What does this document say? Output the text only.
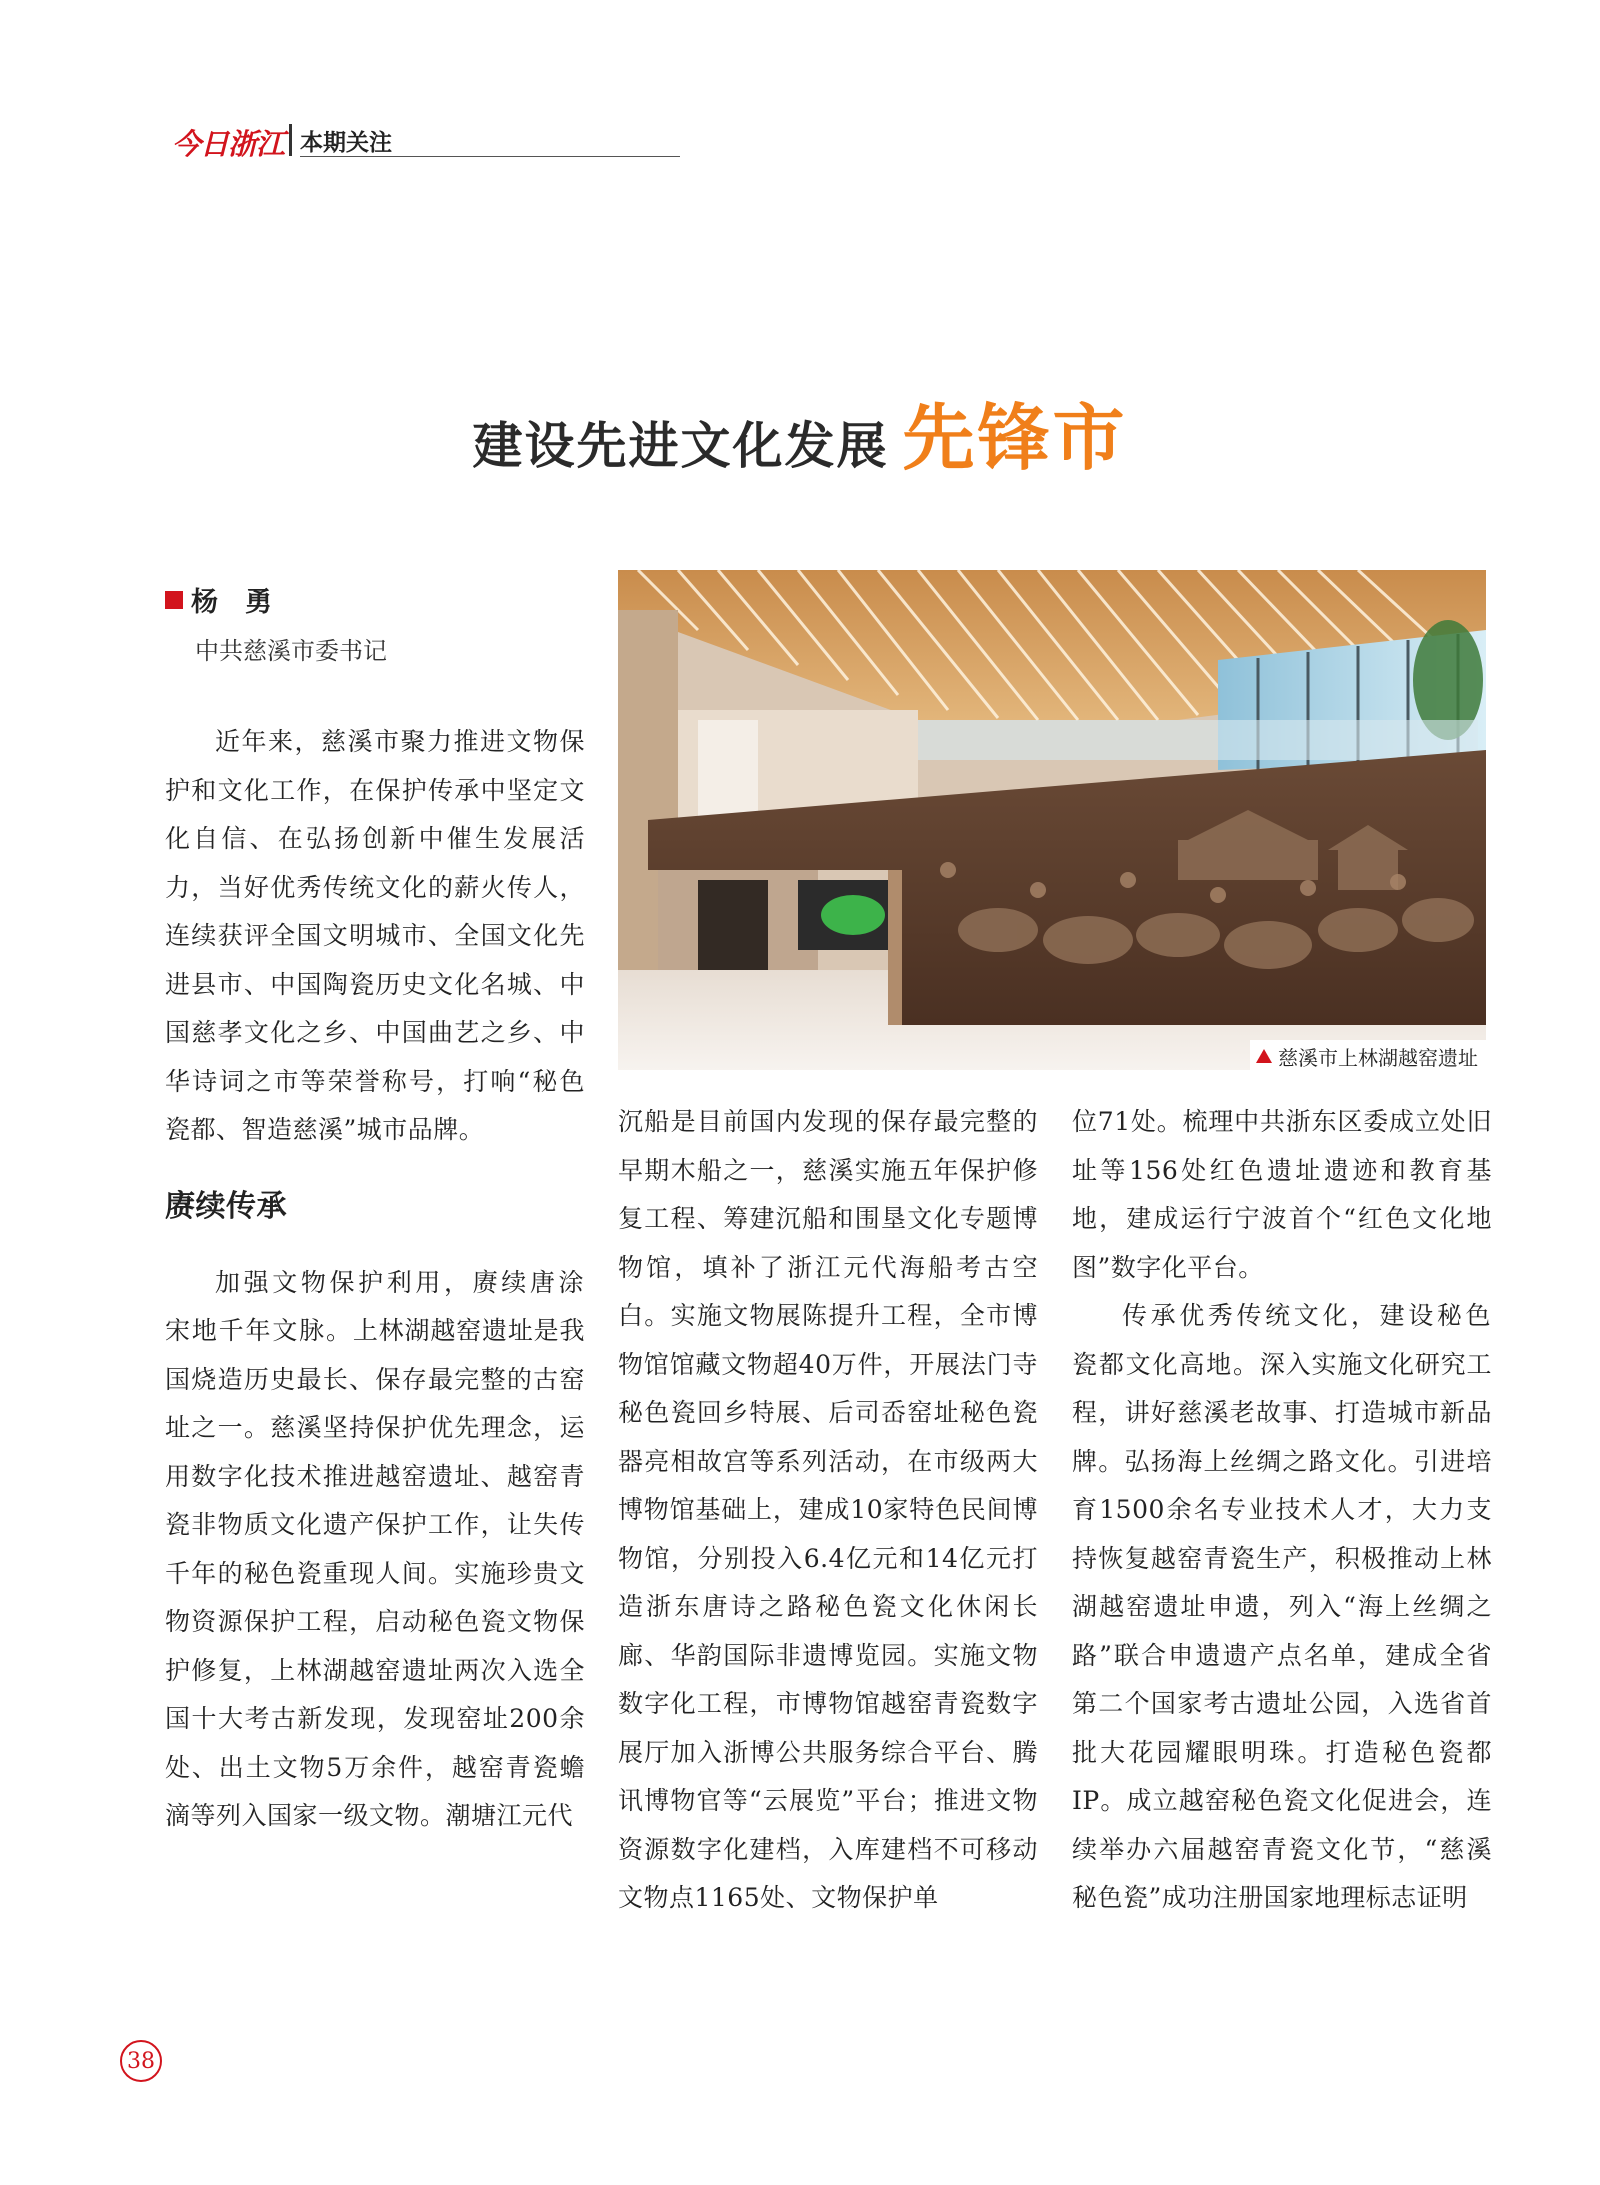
今日浙江 本期关注
建设先进文化发展 先锋市
杨　勇
中共慈溪市委书记
慈溪市上林湖越窑遗址

近年来，慈溪市聚力推进文物保护和文化工作，在保护传承中坚定文化自信、在弘扬创新中催生发展活力，当好优秀传统文化的薪火传人，连续获评全国文明城市、全国文化先进县市、中国陶瓷历史文化名城、中国慈孝文化之乡、中国曲艺之乡、中华诗词之市等荣誉称号，打响“秘色瓷都、智造慈溪”城市品牌。

赓续传承

加强文物保护利用，赓续唐涂宋地千年文脉。上林湖越窑遗址是我国烧造历史最长、保存最完整的古窑址之一。慈溪坚持保护优先理念，运用数字化技术推进越窑遗址、越窑青瓷非物质文化遗产保护工作，让失传千年的秘色瓷重现人间。实施珍贵文物资源保护工程，启动秘色瓷文物保护修复，上林湖越窑遗址两次入选全国十大考古新发现，发现窑址200余处、出土文物5万余件，越窑青瓷蟾滴等列入国家一级文物。潮塘江元代

沉船是目前国内发现的保存最完整的早期木船之一，慈溪实施五年保护修复工程、筹建沉船和围垦文化专题博物馆，填补了浙江元代海船考古空白。实施文物展陈提升工程，全市博物馆馆藏文物超40万件，开展法门寺秘色瓷回乡特展、后司岙窑址秘色瓷器亮相故宫等系列活动，在市级两大博物馆基础上，建成10家特色民间博物馆，分别投入6.4亿元和14亿元打造浙东唐诗之路秘色瓷文化休闲长廊、华韵国际非遗博览园。实施文物数字化工程，市博物馆越窑青瓷数字展厅加入浙博公共服务综合平台、腾讯博物官等“云展览”平台；推进文物资源数字化建档，入库建档不可移动文物点1165处、文物保护单

位71处。梳理中共浙东区委成立处旧址等156处红色遗址遗迹和教育基地，建成运行宁波首个“红色文化地图”数字化平台。

传承优秀传统文化，建设秘色瓷都文化高地。深入实施文化研究工程，讲好慈溪老故事、打造城市新品牌。弘扬海上丝绸之路文化。引进培育1500余名专业技术人才，大力支持恢复越窑青瓷生产，积极推动上林湖越窑遗址申遗，列入“海上丝绸之路”联合申遗遗产点名单，建成全省第二个国家考古遗址公园，入选省首批大花园耀眼明珠。打造秘色瓷都IP。成立越窑秘色瓷文化促进会，连续举办六届越窑青瓷文化节，“慈溪秘色瓷”成功注册国家地理标志证明

38
